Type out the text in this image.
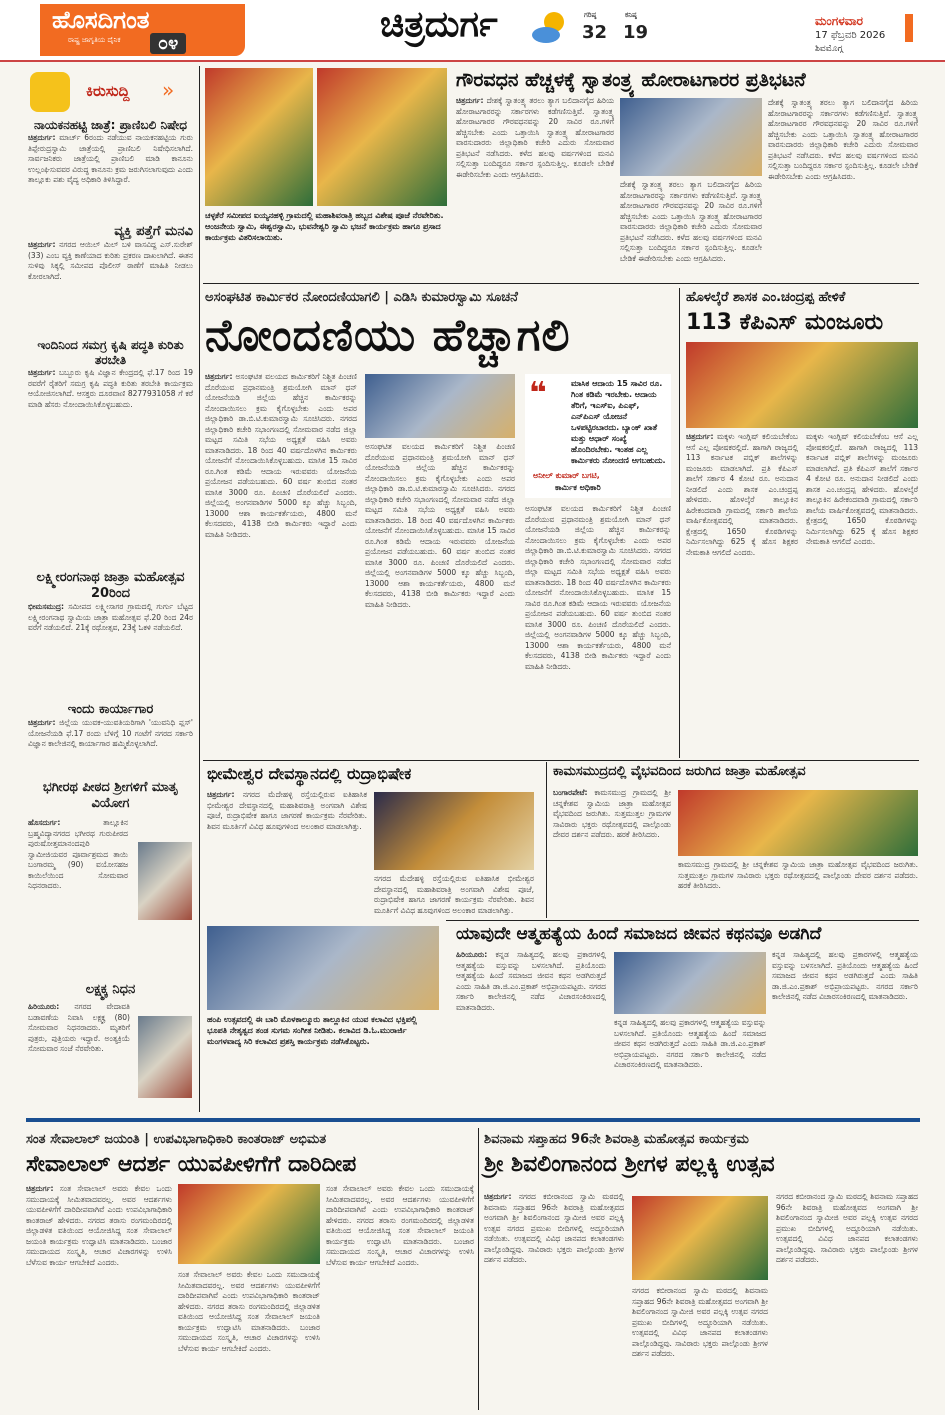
ಹೊಸದಿಗಂತ
ರಾಷ್ಟ್ರ ಜಾಗೃತಿಯ ದೈನಿಕ	೦೪	ಚಿತ್ರದುರ್ಗ	ಗರಿಷ್ಠ
32
ಕನಿಷ್ಠ
19
ಮಂಗಳವಾರ
17 ಫೆಬ್ರವರಿ 2026
ಶಿವಮೊಗ್ಗ
ಕಿರುಸುದ್ದಿ »
ನಾಯಕನಹಟ್ಟಿ ಜಾತ್ರೆ: ಪ್ರಾಣಿಬಲಿ ನಿಷೇಧ
ಚಿತ್ರದುರ್ಗ: ಮಾರ್ಚ್ 6ರಂದು ನಡೆಯುವ ನಾಯಕನಹಟ್ಟಿಯ ಗುರು ತಿಪ್ಪೇರುದ್ರಸ್ವಾಮಿ ಜಾತ್ರೆಯಲ್ಲಿ ಪ್ರಾಣಿಬಲಿ ನಿಷೇಧಿಸಲಾಗಿದೆ. ಸಾರ್ವಜನಿಕರು ಜಾತ್ರೆಯಲ್ಲಿ ಪ್ರಾಣಿಬಲಿ ಮಾಡಿ ಕಾನೂನು ಉಲ್ಲಂಘಿಸುವವರ ವಿರುದ್ಧ ಕಾನೂನು ಕ್ರಮ ಜರುಗಿಸಲಾಗುವುದು ಎಂದು ತಾಲ್ಲೂಕು ಪಶು ವೈದ್ಯ ಅಧಿಕಾರಿ ತಿಳಿಸಿದ್ದಾರೆ.
ವ್ಯಕ್ತಿ ಪತ್ತೆಗೆ ಮನವಿ
ಚಿತ್ರದುರ್ಗ: ನಗರದ ಆಯಿಲ್ ಮಿಲ್ ಬಳಿ ವಾಸವಿದ್ದ ಎಸ್.ಸುರೇಶ್ (33) ಎಂಬ ವ್ಯಕ್ತಿ ಕಾಣೆಯಾದ ಕುರಿತು ಪ್ರಕರಣ ದಾಖಲಾಗಿದೆ. ಈತನ ಸುಳಿವು ಸಿಕ್ಕಲ್ಲಿ ಸಮೀಪದ ಪೊಲೀಸ್ ಠಾಣೆಗೆ ಮಾಹಿತಿ ನೀಡಲು ಕೋರಲಾಗಿದೆ.
ಇಂದಿನಿಂದ ಸಮಗ್ರ ಕೃಷಿ ಪದ್ಧತಿ ಕುರಿತು ತರಬೇತಿ
ಚಿತ್ರದುರ್ಗ: ಬಬ್ಬೂರು ಕೃಷಿ ವಿಜ್ಞಾನ ಕೇಂದ್ರದಲ್ಲಿ ಫೆ.17 ರಿಂದ 19 ರವರೆಗೆ ರೈತರಿಗೆ ಸಮಗ್ರ ಕೃಷಿ ಪದ್ಧತಿ ಕುರಿತು ತರಬೇತಿ ಕಾರ್ಯಕ್ರಮ ಆಯೋಜಿಸಲಾಗಿದೆ. ಆಸಕ್ತರು ದೂರವಾಣಿ 8277931058 ಗೆ ಕರೆ ಮಾಡಿ ಹೆಸರು ನೋಂದಾಯಿಸಿಕೊಳ್ಳಬಹುದು.
ಲಕ್ಷ್ಮೀರಂಗನಾಥ ಜಾತ್ರಾ ಮಹೋತ್ಸವ 20ರಿಂದ
ಭೀಮಸಮುದ್ರ: ಸಮೀಪದ ಲಕ್ಷ್ಮೀಸಾಗರ ಗ್ರಾಮದಲ್ಲಿ ಗುರ್ಗು ಬೆಟ್ಟದ ಲಕ್ಷ್ಮೀರಂಗನಾಥ ಸ್ವಾಮಿಯ ಜಾತ್ರಾ ಮಹೋತ್ಸವ ಫೆ.20 ರಿಂದ 24ರ ವರೆಗೆ ನಡೆಯಲಿದೆ. 21ಕ್ಕೆ ರಥೋತ್ಸವ, 23ಕ್ಕೆ ಓಕಳಿ ನಡೆಯಲಿದೆ.
ಇಂದು ಕಾರ್ಯಾಗಾರ
ಚಿತ್ರದುರ್ಗ: ಜಿಲ್ಲೆಯ ಯುವಕ-ಯುವತಿಯರಿಗಾಗಿ 'ಯುವನಿಧಿ ಪ್ಲಸ್' ಯೋಜನೆಯಡಿ ಫೆ.17 ರಂದು ಬೆಳಿಗ್ಗೆ 10 ಗಂಟೆಗೆ ನಗರದ ಸರ್ಕಾರಿ ವಿಜ್ಞಾನ ಕಾಲೇಜಿನಲ್ಲಿ ಕಾರ್ಯಾಗಾರ ಹಮ್ಮಿಕೊಳ್ಳಲಾಗಿದೆ.
ಭಗೀರಥ ಪೀಠದ ಶ್ರೀಗಳಿಗೆ ಮಾತೃ ವಿಯೋಗ
ಹೊಸದುರ್ಗ:	ತಾಲ್ಲೂಕಿನ ಬ್ರಹ್ಮವಿದ್ಯಾನಗರದ ಭಗೀರಥ ಗುರುಪೀಠದ ಪುರುಷೋತ್ತಮಾನಂದಪುರಿ ಸ್ವಾಮೀಜಿಯವರ ಪೂರ್ವಾಶ್ರಮದ ತಾಯಿ ಬಂಗಾರಮ್ಮ (90) ವಯೋಸಹಜ ಕಾಯಿಲೆಯಿಂದ ಸೋಮವಾರ ನಿಧನರಾದರು.
ಲಕ್ಷ್ಮಕ್ಕ ನಿಧನ
ಹಿರಿಯೂರು: ನಗರದ ವೇದಾವತಿ ಬಡಾವಣೆಯ ನಿವಾಸಿ ಲಕ್ಷ್ಮಕ್ಕ (80) ಸೋಮವಾರ ನಿಧನರಾದರು. ಮೃತರಿಗೆ ಪುತ್ರರು, ಪುತ್ರಿಯರು ಇದ್ದಾರೆ. ಅಂತ್ಯಕ್ರಿಯೆ ಸೋಮವಾರ ಸಂಜೆ ನೆರವೇರಿತು.
ಚಳ್ಳಕೆರೆ ಸಮೀಪದ ಐಯ್ಯನಹಳ್ಳಿ ಗ್ರಾಮದಲ್ಲಿ ಮಹಾಶಿವರಾತ್ರಿ ಹಬ್ಬದ ವಿಶೇಷ ಪೂಜೆ ನೆರವೇರಿತು. ಆಂಜನೇಯ ಸ್ವಾಮಿ, ಈಶ್ವರಸ್ವಾಮಿ, ಭುವನೇಶ್ವರಿ ಸ್ವಾಮಿ ಭಜನೆ ಕಾರ್ಯಕ್ರಮ ಹಾಗೂ ಪ್ರಸಾದ ಕಾರ್ಯಕ್ರಮ ವಿತರಿಸಲಾಯಿತು.
ಗೌರವಧನ ಹೆಚ್ಚಳಕ್ಕೆ ಸ್ವಾತಂತ್ರ್ಯ ಹೋರಾಟಗಾರರ ಪ್ರತಿಭಟನೆ
ಚಿತ್ರದುರ್ಗ: ದೇಶಕ್ಕೆ ಸ್ವಾತಂತ್ರ್ಯ ತರಲು ತ್ಯಾಗ ಬಲಿದಾನಗೈದ ಹಿರಿಯ ಹೋರಾಟಗಾರರನ್ನು ಸರ್ಕಾರಗಳು ಕಡೆಗಣಿಸುತ್ತಿವೆ. ಸ್ವಾತಂತ್ರ್ಯ ಹೋರಾಟಗಾರರ ಗೌರವಧನವನ್ನು 20 ಸಾವಿರ ರೂ.ಗಳಿಗೆ ಹೆಚ್ಚಿಸಬೇಕು ಎಂದು ಒತ್ತಾಯಿಸಿ ಸ್ವಾತಂತ್ರ್ಯ ಹೋರಾಟಗಾರರ ವಾರಸುದಾರರು ಜಿಲ್ಲಾಧಿಕಾರಿ ಕಚೇರಿ ಎದುರು ಸೋಮವಾರ ಪ್ರತಿಭಟನೆ ನಡೆಸಿದರು. ಕಳೆದ ಹಲವು ವರ್ಷಗಳಿಂದ ಮನವಿ ಸಲ್ಲಿಸುತ್ತಾ ಬಂದಿದ್ದರೂ ಸರ್ಕಾರ ಸ್ಪಂದಿಸುತ್ತಿಲ್ಲ. ಕೂಡಲೇ ಬೇಡಿಕೆ ಈಡೇರಿಸಬೇಕು ಎಂದು ಆಗ್ರಹಿಸಿದರು.
ದೇಶಕ್ಕೆ ಸ್ವಾತಂತ್ರ್ಯ ತರಲು ತ್ಯಾಗ ಬಲಿದಾನಗೈದ ಹಿರಿಯ ಹೋರಾಟಗಾರರನ್ನು ಸರ್ಕಾರಗಳು ಕಡೆಗಣಿಸುತ್ತಿವೆ. ಸ್ವಾತಂತ್ರ್ಯ ಹೋರಾಟಗಾರರ ಗೌರವಧನವನ್ನು 20 ಸಾವಿರ ರೂ.ಗಳಿಗೆ ಹೆಚ್ಚಿಸಬೇಕು ಎಂದು ಒತ್ತಾಯಿಸಿ ಸ್ವಾತಂತ್ರ್ಯ ಹೋರಾಟಗಾರರ ವಾರಸುದಾರರು ಜಿಲ್ಲಾಧಿಕಾರಿ ಕಚೇರಿ ಎದುರು ಸೋಮವಾರ ಪ್ರತಿಭಟನೆ ನಡೆಸಿದರು. ಕಳೆದ ಹಲವು ವರ್ಷಗಳಿಂದ ಮನವಿ ಸಲ್ಲಿಸುತ್ತಾ ಬಂದಿದ್ದರೂ ಸರ್ಕಾರ ಸ್ಪಂದಿಸುತ್ತಿಲ್ಲ. ಕೂಡಲೇ ಬೇಡಿಕೆ ಈಡೇರಿಸಬೇಕು ಎಂದು ಆಗ್ರಹಿಸಿದರು.
ದೇಶಕ್ಕೆ ಸ್ವಾತಂತ್ರ್ಯ ತರಲು ತ್ಯಾಗ ಬಲಿದಾನಗೈದ ಹಿರಿಯ ಹೋರಾಟಗಾರರನ್ನು ಸರ್ಕಾರಗಳು ಕಡೆಗಣಿಸುತ್ತಿವೆ. ಸ್ವಾತಂತ್ರ್ಯ ಹೋರಾಟಗಾರರ ಗೌರವಧನವನ್ನು 20 ಸಾವಿರ ರೂ.ಗಳಿಗೆ ಹೆಚ್ಚಿಸಬೇಕು ಎಂದು ಒತ್ತಾಯಿಸಿ ಸ್ವಾತಂತ್ರ್ಯ ಹೋರಾಟಗಾರರ ವಾರಸುದಾರರು ಜಿಲ್ಲಾಧಿಕಾರಿ ಕಚೇರಿ ಎದುರು ಸೋಮವಾರ ಪ್ರತಿಭಟನೆ ನಡೆಸಿದರು. ಕಳೆದ ಹಲವು ವರ್ಷಗಳಿಂದ ಮನವಿ ಸಲ್ಲಿಸುತ್ತಾ ಬಂದಿದ್ದರೂ ಸರ್ಕಾರ ಸ್ಪಂದಿಸುತ್ತಿಲ್ಲ. ಕೂಡಲೇ ಬೇಡಿಕೆ ಈಡೇರಿಸಬೇಕು ಎಂದು ಆಗ್ರಹಿಸಿದರು.
ಅಸಂಘಟಿತ ಕಾರ್ಮಿಕರ ನೋಂದಣಿಯಾಗಲಿ | ಎಡಿಸಿ ಕುಮಾರಸ್ವಾಮಿ ಸೂಚನೆ
ನೋಂದಣಿಯು ಹೆಚ್ಚಾಗಲಿ
ಚಿತ್ರದುರ್ಗ: ಅಸಂಘಟಿತ ವಲಯದ ಕಾರ್ಮಿಕರಿಗೆ ನಿಶ್ಚಿತ ಪಿಂಚಣಿ ದೊರೆಯುವ ಪ್ರಧಾನಮಂತ್ರಿ ಶ್ರಮಯೋಗಿ ಮಾನ್ ಧನ್ ಯೋಜನೆಯಡಿ ಜಿಲ್ಲೆಯ ಹೆಚ್ಚಿನ ಕಾರ್ಮಿಕರನ್ನು ನೋಂದಾಯಿಸಲು ಕ್ರಮ ಕೈಗೊಳ್ಳಬೇಕು ಎಂದು ಅಪರ ಜಿಲ್ಲಾಧಿಕಾರಿ ಡಾ.ಬಿ.ಟಿ.ಕುಮಾರಸ್ವಾಮಿ ಸೂಚಿಸಿದರು. ನಗರದ ಜಿಲ್ಲಾಧಿಕಾರಿ ಕಚೇರಿ ಸಭಾಂಗಣದಲ್ಲಿ ಸೋಮವಾರ ನಡೆದ ಜಿಲ್ಲಾ ಮಟ್ಟದ ಸಮಿತಿ ಸಭೆಯ ಅಧ್ಯಕ್ಷತೆ ವಹಿಸಿ ಅವರು ಮಾತನಾಡಿದರು. 18 ರಿಂದ 40 ವರ್ಷದೊಳಗಿನ ಕಾರ್ಮಿಕರು ಯೋಜನೆಗೆ ನೋಂದಾಯಿಸಿಕೊಳ್ಳಬಹುದು. ಮಾಸಿಕ 15 ಸಾವಿರ ರೂ.ಗಿಂತ ಕಡಿಮೆ ಆದಾಯ ಇರುವವರು ಯೋಜನೆಯ ಪ್ರಯೋಜನ ಪಡೆಯಬಹುದು. 60 ವರ್ಷ ತುಂಬಿದ ನಂತರ ಮಾಸಿಕ 3000 ರೂ. ಪಿಂಚಣಿ ದೊರೆಯಲಿದೆ ಎಂದರು. ಜಿಲ್ಲೆಯಲ್ಲಿ ಅಂಗನವಾಡಿಗಳ 5000 ಕ್ಕೂ ಹೆಚ್ಚು ಸಿಬ್ಬಂದಿ, 13000 ಆಶಾ ಕಾರ್ಯಕರ್ತೆಯರು, 4800 ಮನೆ ಕೆಲಸದವರು, 4138 ಬೀಡಿ ಕಾರ್ಮಿಕರು ಇದ್ದಾರೆ ಎಂದು ಮಾಹಿತಿ ನೀಡಿದರು.
ಅಸಂಘಟಿತ ವಲಯದ ಕಾರ್ಮಿಕರಿಗೆ ನಿಶ್ಚಿತ ಪಿಂಚಣಿ ದೊರೆಯುವ ಪ್ರಧಾನಮಂತ್ರಿ ಶ್ರಮಯೋಗಿ ಮಾನ್ ಧನ್ ಯೋಜನೆಯಡಿ ಜಿಲ್ಲೆಯ ಹೆಚ್ಚಿನ ಕಾರ್ಮಿಕರನ್ನು ನೋಂದಾಯಿಸಲು ಕ್ರಮ ಕೈಗೊಳ್ಳಬೇಕು ಎಂದು ಅಪರ ಜಿಲ್ಲಾಧಿಕಾರಿ ಡಾ.ಬಿ.ಟಿ.ಕುಮಾರಸ್ವಾಮಿ ಸೂಚಿಸಿದರು. ನಗರದ ಜಿಲ್ಲಾಧಿಕಾರಿ ಕಚೇರಿ ಸಭಾಂಗಣದಲ್ಲಿ ಸೋಮವಾರ ನಡೆದ ಜಿಲ್ಲಾ ಮಟ್ಟದ ಸಮಿತಿ ಸಭೆಯ ಅಧ್ಯಕ್ಷತೆ ವಹಿಸಿ ಅವರು ಮಾತನಾಡಿದರು. 18 ರಿಂದ 40 ವರ್ಷದೊಳಗಿನ ಕಾರ್ಮಿಕರು ಯೋಜನೆಗೆ ನೋಂದಾಯಿಸಿಕೊಳ್ಳಬಹುದು. ಮಾಸಿಕ 15 ಸಾವಿರ ರೂ.ಗಿಂತ ಕಡಿಮೆ ಆದಾಯ ಇರುವವರು ಯೋಜನೆಯ ಪ್ರಯೋಜನ ಪಡೆಯಬಹುದು. 60 ವರ್ಷ ತುಂಬಿದ ನಂತರ ಮಾಸಿಕ 3000 ರೂ. ಪಿಂಚಣಿ ದೊರೆಯಲಿದೆ ಎಂದರು. ಜಿಲ್ಲೆಯಲ್ಲಿ ಅಂಗನವಾಡಿಗಳ 5000 ಕ್ಕೂ ಹೆಚ್ಚು ಸಿಬ್ಬಂದಿ, 13000 ಆಶಾ ಕಾರ್ಯಕರ್ತೆಯರು, 4800 ಮನೆ ಕೆಲಸದವರು, 4138 ಬೀಡಿ ಕಾರ್ಮಿಕರು ಇದ್ದಾರೆ ಎಂದು ಮಾಹಿತಿ ನೀಡಿದರು.
❝	ಮಾಸಿಕ ಆದಾಯ 15 ಸಾವಿರ ರೂ. ಗಿಂತ ಕಡಿಮೆ ಇರಬೇಕು. ಆದಾಯ ತೆರಿಗೆ, ಇಎಸ್ಐ, ಪಿಎಫ್, ಎನ್‌ಪಿಎಸ್ ಯೋಜನೆ ಒಳಪಟ್ಟಿರಬಾರದು. ಬ್ಯಾಂಕ್ ಖಾತೆ ಮತ್ತು ಆಧಾರ್ ಸಂಖ್ಯೆ ಹೊಂದಿರಬೇಕು. ಇಂತಹ ಎಲ್ಲ ಕಾರ್ಮಿಕರು ನೋಂದಣಿ ಆಗಬಹುದು.
ಅನೀಲ್ ಕುಮಾರ್ ಬಗಟಿ,
ಕಾರ್ಮಿಕ ಅಧಿಕಾರಿ
ಅಸಂಘಟಿತ ವಲಯದ ಕಾರ್ಮಿಕರಿಗೆ ನಿಶ್ಚಿತ ಪಿಂಚಣಿ ದೊರೆಯುವ ಪ್ರಧಾನಮಂತ್ರಿ ಶ್ರಮಯೋಗಿ ಮಾನ್ ಧನ್ ಯೋಜನೆಯಡಿ ಜಿಲ್ಲೆಯ ಹೆಚ್ಚಿನ ಕಾರ್ಮಿಕರನ್ನು ನೋಂದಾಯಿಸಲು ಕ್ರಮ ಕೈಗೊಳ್ಳಬೇಕು ಎಂದು ಅಪರ ಜಿಲ್ಲಾಧಿಕಾರಿ ಡಾ.ಬಿ.ಟಿ.ಕುಮಾರಸ್ವಾಮಿ ಸೂಚಿಸಿದರು. ನಗರದ ಜಿಲ್ಲಾಧಿಕಾರಿ ಕಚೇರಿ ಸಭಾಂಗಣದಲ್ಲಿ ಸೋಮವಾರ ನಡೆದ ಜಿಲ್ಲಾ ಮಟ್ಟದ ಸಮಿತಿ ಸಭೆಯ ಅಧ್ಯಕ್ಷತೆ ವಹಿಸಿ ಅವರು ಮಾತನಾಡಿದರು. 18 ರಿಂದ 40 ವರ್ಷದೊಳಗಿನ ಕಾರ್ಮಿಕರು ಯೋಜನೆಗೆ ನೋಂದಾಯಿಸಿಕೊಳ್ಳಬಹುದು. ಮಾಸಿಕ 15 ಸಾವಿರ ರೂ.ಗಿಂತ ಕಡಿಮೆ ಆದಾಯ ಇರುವವರು ಯೋಜನೆಯ ಪ್ರಯೋಜನ ಪಡೆಯಬಹುದು. 60 ವರ್ಷ ತುಂಬಿದ ನಂತರ ಮಾಸಿಕ 3000 ರೂ. ಪಿಂಚಣಿ ದೊರೆಯಲಿದೆ ಎಂದರು. ಜಿಲ್ಲೆಯಲ್ಲಿ ಅಂಗನವಾಡಿಗಳ 5000 ಕ್ಕೂ ಹೆಚ್ಚು ಸಿಬ್ಬಂದಿ, 13000 ಆಶಾ ಕಾರ್ಯಕರ್ತೆಯರು, 4800 ಮನೆ ಕೆಲಸದವರು, 4138 ಬೀಡಿ ಕಾರ್ಮಿಕರು ಇದ್ದಾರೆ ಎಂದು ಮಾಹಿತಿ ನೀಡಿದರು.
ಹೊಳಲ್ಕೆರೆ ಶಾಸಕ ಎಂ.ಚಂದ್ರಪ್ಪ ಹೇಳಿಕೆ
113 ಕೆಪಿಎಸ್ ಮಂಜೂರು
ಚಿತ್ರದುರ್ಗ: ಮಕ್ಕಳು ಇಂಗ್ಲಿಷ್ ಕಲಿಯಬೇಕೆಂಬ ಆಸೆ ಎಲ್ಲ ಪೋಷಕರಲ್ಲಿದೆ. ಹಾಗಾಗಿ ರಾಜ್ಯದಲ್ಲಿ 113 ಕರ್ನಾಟಕ ಪಬ್ಲಿಕ್ ಶಾಲೆಗಳನ್ನು ಮಂಜೂರು ಮಾಡಲಾಗಿದೆ. ಪ್ರತಿ ಕೆಪಿಎಸ್ ಶಾಲೆಗೆ ಸರ್ಕಾರ 4 ಕೋಟಿ ರೂ. ಅನುದಾನ ನೀಡಲಿದೆ ಎಂದು ಶಾಸಕ ಎಂ.ಚಂದ್ರಪ್ಪ ಹೇಳಿದರು. ಹೊಳಲ್ಕೆರೆ ತಾಲ್ಲೂಕಿನ ಹಿರೇಕಂದವಾಡಿ ಗ್ರಾಮದಲ್ಲಿ ಸರ್ಕಾರಿ ಶಾಲೆಯ ವಾರ್ಷಿಕೋತ್ಸವದಲ್ಲಿ ಮಾತನಾಡಿದರು. ಕ್ಷೇತ್ರದಲ್ಲಿ 1650 ಕೊಠಡಿಗಳನ್ನು ನಿರ್ಮಿಸಲಾಗಿದ್ದು 625 ಕ್ಕೆ ಹೊಸ ಶಿಕ್ಷಕರ ನೇಮಕಾತಿ ಆಗಲಿದೆ ಎಂದರು.
ಮಕ್ಕಳು ಇಂಗ್ಲಿಷ್ ಕಲಿಯಬೇಕೆಂಬ ಆಸೆ ಎಲ್ಲ ಪೋಷಕರಲ್ಲಿದೆ. ಹಾಗಾಗಿ ರಾಜ್ಯದಲ್ಲಿ 113 ಕರ್ನಾಟಕ ಪಬ್ಲಿಕ್ ಶಾಲೆಗಳನ್ನು ಮಂಜೂರು ಮಾಡಲಾಗಿದೆ. ಪ್ರತಿ ಕೆಪಿಎಸ್ ಶಾಲೆಗೆ ಸರ್ಕಾರ 4 ಕೋಟಿ ರೂ. ಅನುದಾನ ನೀಡಲಿದೆ ಎಂದು ಶಾಸಕ ಎಂ.ಚಂದ್ರಪ್ಪ ಹೇಳಿದರು. ಹೊಳಲ್ಕೆರೆ ತಾಲ್ಲೂಕಿನ ಹಿರೇಕಂದವಾಡಿ ಗ್ರಾಮದಲ್ಲಿ ಸರ್ಕಾರಿ ಶಾಲೆಯ ವಾರ್ಷಿಕೋತ್ಸವದಲ್ಲಿ ಮಾತನಾಡಿದರು. ಕ್ಷೇತ್ರದಲ್ಲಿ 1650 ಕೊಠಡಿಗಳನ್ನು ನಿರ್ಮಿಸಲಾಗಿದ್ದು 625 ಕ್ಕೆ ಹೊಸ ಶಿಕ್ಷಕರ ನೇಮಕಾತಿ ಆಗಲಿದೆ ಎಂದರು.
ಭೀಮೇಶ್ವರ ದೇವಸ್ಥಾನದಲ್ಲಿ ರುದ್ರಾಭಿಷೇಕ
ಚಿತ್ರದುರ್ಗ: ನಗರದ ಮೆದೇಹಳ್ಳಿ ರಸ್ತೆಯಲ್ಲಿರುವ ಐತಿಹಾಸಿಕ ಭೀಮೇಶ್ವರ ದೇವಸ್ಥಾನದಲ್ಲಿ ಮಹಾಶಿವರಾತ್ರಿ ಅಂಗವಾಗಿ ವಿಶೇಷ ಪೂಜೆ, ರುದ್ರಾಭಿಷೇಕ ಹಾಗೂ ಜಾಗರಣೆ ಕಾರ್ಯಕ್ರಮ ನೆರವೇರಿತು. ಶಿವನ ಮೂರ್ತಿಗೆ ವಿವಿಧ ಹೂವುಗಳಿಂದ ಅಲಂಕಾರ ಮಾಡಲಾಗಿತ್ತು.
ನಗರದ ಮೆದೇಹಳ್ಳಿ ರಸ್ತೆಯಲ್ಲಿರುವ ಐತಿಹಾಸಿಕ ಭೀಮೇಶ್ವರ ದೇವಸ್ಥಾನದಲ್ಲಿ ಮಹಾಶಿವರಾತ್ರಿ ಅಂಗವಾಗಿ ವಿಶೇಷ ಪೂಜೆ, ರುದ್ರಾಭಿಷೇಕ ಹಾಗೂ ಜಾಗರಣೆ ಕಾರ್ಯಕ್ರಮ ನೆರವೇರಿತು. ಶಿವನ ಮೂರ್ತಿಗೆ ವಿವಿಧ ಹೂವುಗಳಿಂದ ಅಲಂಕಾರ ಮಾಡಲಾಗಿತ್ತು.
ಹಂಪಿ ಉತ್ಸವದಲ್ಲಿ ಈ ಬಾರಿ ಮೊಳಕಾಲ್ಮೂರು ತಾಲ್ಲೂಕಿನ ಯುವ ಕಲಾವಿದ ಭಕ್ತಿಪಲ್ಲಿ ಭೂಪತಿ ನೇತೃತ್ವದ ತಂಡ ಸುಗಮ ಸಂಗೀತ ನೀಡಿತು. ಕಲಾವಿದ ಡಿ.ಓ.ಮುರಾರ್ಜಿ ಮಂಗಳವಾದ್ಯ ಸಿರಿ ಕಲಾವಿದ ಪ್ರಶಸ್ತಿ ಕಾರ್ಯಕ್ರಮ ನಡೆಸಿಕೊಟ್ಟರು.
ಕಾಮಸಮುದ್ರದಲ್ಲಿ ವೈಭವದಿಂದ ಜರುಗಿದ ಜಾತ್ರಾ ಮಹೋತ್ಸವ
ಬಂಗಾರಪೇಟೆ: ಕಾಮಸಮುದ್ರ ಗ್ರಾಮದಲ್ಲಿ ಶ್ರೀ ಚನ್ನಕೇಶವ ಸ್ವಾಮಿಯ ಜಾತ್ರಾ ಮಹೋತ್ಸವ ವೈಭವದಿಂದ ಜರುಗಿತು. ಸುತ್ತಮುತ್ತಲ ಗ್ರಾಮಗಳ ಸಾವಿರಾರು ಭಕ್ತರು ರಥೋತ್ಸವದಲ್ಲಿ ಪಾಲ್ಗೊಂಡು ದೇವರ ದರ್ಶನ ಪಡೆದರು. ಹರಕೆ ತೀರಿಸಿದರು.
ಕಾಮಸಮುದ್ರ ಗ್ರಾಮದಲ್ಲಿ ಶ್ರೀ ಚನ್ನಕೇಶವ ಸ್ವಾಮಿಯ ಜಾತ್ರಾ ಮಹೋತ್ಸವ ವೈಭವದಿಂದ ಜರುಗಿತು. ಸುತ್ತಮುತ್ತಲ ಗ್ರಾಮಗಳ ಸಾವಿರಾರು ಭಕ್ತರು ರಥೋತ್ಸವದಲ್ಲಿ ಪಾಲ್ಗೊಂಡು ದೇವರ ದರ್ಶನ ಪಡೆದರು. ಹರಕೆ ತೀರಿಸಿದರು.
ಯಾವುದೇ ಆತ್ಮಹತ್ಯೆಯ ಹಿಂದೆ ಸಮಾಜದ ಜೀವನ ಕಥನವೂ ಅಡಗಿದೆ
ಹಿರಿಯೂರು: ಕನ್ನಡ ಸಾಹಿತ್ಯದಲ್ಲಿ ಹಲವು ಪ್ರಕಾರಗಳಲ್ಲಿ ಆತ್ಮಹತ್ಯೆಯ ವಸ್ತುವನ್ನು ಬಳಸಲಾಗಿದೆ. ಪ್ರತಿಯೊಂದು ಆತ್ಮಹತ್ಯೆಯ ಹಿಂದೆ ಸಮಾಜದ ಜೀವನ ಕಥನ ಅಡಗಿರುತ್ತದೆ ಎಂದು ಸಾಹಿತಿ ಡಾ.ಜಿ.ಎಂ.ಪ್ರಕಾಶ್ ಅಭಿಪ್ರಾಯಪಟ್ಟರು. ನಗರದ ಸರ್ಕಾರಿ ಕಾಲೇಜಿನಲ್ಲಿ ನಡೆದ ವಿಚಾರಸಂಕಿರಣದಲ್ಲಿ ಮಾತನಾಡಿದರು.
ಕನ್ನಡ ಸಾಹಿತ್ಯದಲ್ಲಿ ಹಲವು ಪ್ರಕಾರಗಳಲ್ಲಿ ಆತ್ಮಹತ್ಯೆಯ ವಸ್ತುವನ್ನು ಬಳಸಲಾಗಿದೆ. ಪ್ರತಿಯೊಂದು ಆತ್ಮಹತ್ಯೆಯ ಹಿಂದೆ ಸಮಾಜದ ಜೀವನ ಕಥನ ಅಡಗಿರುತ್ತದೆ ಎಂದು ಸಾಹಿತಿ ಡಾ.ಜಿ.ಎಂ.ಪ್ರಕಾಶ್ ಅಭಿಪ್ರಾಯಪಟ್ಟರು. ನಗರದ ಸರ್ಕಾರಿ ಕಾಲೇಜಿನಲ್ಲಿ ನಡೆದ ವಿಚಾರಸಂಕಿರಣದಲ್ಲಿ ಮಾತನಾಡಿದರು.
ಕನ್ನಡ ಸಾಹಿತ್ಯದಲ್ಲಿ ಹಲವು ಪ್ರಕಾರಗಳಲ್ಲಿ ಆತ್ಮಹತ್ಯೆಯ ವಸ್ತುವನ್ನು ಬಳಸಲಾಗಿದೆ. ಪ್ರತಿಯೊಂದು ಆತ್ಮಹತ್ಯೆಯ ಹಿಂದೆ ಸಮಾಜದ ಜೀವನ ಕಥನ ಅಡಗಿರುತ್ತದೆ ಎಂದು ಸಾಹಿತಿ ಡಾ.ಜಿ.ಎಂ.ಪ್ರಕಾಶ್ ಅಭಿಪ್ರಾಯಪಟ್ಟರು. ನಗರದ ಸರ್ಕಾರಿ ಕಾಲೇಜಿನಲ್ಲಿ ನಡೆದ ವಿಚಾರಸಂಕಿರಣದಲ್ಲಿ ಮಾತನಾಡಿದರು.
ಸಂತ ಸೇವಾಲಾಲ್ ಜಯಂತಿ | ಉಪವಿಭಾಗಾಧಿಕಾರಿ ಕಾಂತರಾಜ್ ಅಭಿಮತ
ಸೇವಾಲಾಲ್ ಆದರ್ಶ ಯುವಪೀಳಿಗೆಗೆ ದಾರಿದೀಪ
ಚಿತ್ರದುರ್ಗ: ಸಂತ ಸೇವಾಲಾಲ್ ಅವರು ಕೇವಲ ಒಂದು ಸಮುದಾಯಕ್ಕೆ ಸೀಮಿತವಾದವರಲ್ಲ. ಅವರ ಆದರ್ಶಗಳು ಯುವಪೀಳಿಗೆಗೆ ದಾರಿದೀಪವಾಗಿವೆ ಎಂದು ಉಪವಿಭಾಗಾಧಿಕಾರಿ ಕಾಂತರಾಜ್ ಹೇಳಿದರು. ನಗರದ ತರಾಸು ರಂಗಮಂದಿರದಲ್ಲಿ ಜಿಲ್ಲಾಡಳಿತ ವತಿಯಿಂದ ಆಯೋಜಿಸಿದ್ದ ಸಂತ ಸೇವಾಲಾಲ್ ಜಯಂತಿ ಕಾರ್ಯಕ್ರಮ ಉದ್ಘಾಟಿಸಿ ಮಾತನಾಡಿದರು. ಬಂಜಾರ ಸಮುದಾಯದ ಸಂಸ್ಕೃತಿ, ಆಚಾರ ವಿಚಾರಗಳನ್ನು ಉಳಿಸಿ ಬೆಳೆಸುವ ಕಾರ್ಯ ಆಗಬೇಕಿದೆ ಎಂದರು.
ಸಂತ ಸೇವಾಲಾಲ್ ಅವರು ಕೇವಲ ಒಂದು ಸಮುದಾಯಕ್ಕೆ ಸೀಮಿತವಾದವರಲ್ಲ. ಅವರ ಆದರ್ಶಗಳು ಯುವಪೀಳಿಗೆಗೆ ದಾರಿದೀಪವಾಗಿವೆ ಎಂದು ಉಪವಿಭಾಗಾಧಿಕಾರಿ ಕಾಂತರಾಜ್ ಹೇಳಿದರು. ನಗರದ ತರಾಸು ರಂಗಮಂದಿರದಲ್ಲಿ ಜಿಲ್ಲಾಡಳಿತ ವತಿಯಿಂದ ಆಯೋಜಿಸಿದ್ದ ಸಂತ ಸೇವಾಲಾಲ್ ಜಯಂತಿ ಕಾರ್ಯಕ್ರಮ ಉದ್ಘಾಟಿಸಿ ಮಾತನಾಡಿದರು. ಬಂಜಾರ ಸಮುದಾಯದ ಸಂಸ್ಕೃತಿ, ಆಚಾರ ವಿಚಾರಗಳನ್ನು ಉಳಿಸಿ ಬೆಳೆಸುವ ಕಾರ್ಯ ಆಗಬೇಕಿದೆ ಎಂದರು.
ಸಂತ ಸೇವಾಲಾಲ್ ಅವರು ಕೇವಲ ಒಂದು ಸಮುದಾಯಕ್ಕೆ ಸೀಮಿತವಾದವರಲ್ಲ. ಅವರ ಆದರ್ಶಗಳು ಯುವಪೀಳಿಗೆಗೆ ದಾರಿದೀಪವಾಗಿವೆ ಎಂದು ಉಪವಿಭಾಗಾಧಿಕಾರಿ ಕಾಂತರಾಜ್ ಹೇಳಿದರು. ನಗರದ ತರಾಸು ರಂಗಮಂದಿರದಲ್ಲಿ ಜಿಲ್ಲಾಡಳಿತ ವತಿಯಿಂದ ಆಯೋಜಿಸಿದ್ದ ಸಂತ ಸೇವಾಲಾಲ್ ಜಯಂತಿ ಕಾರ್ಯಕ್ರಮ ಉದ್ಘಾಟಿಸಿ ಮಾತನಾಡಿದರು. ಬಂಜಾರ ಸಮುದಾಯದ ಸಂಸ್ಕೃತಿ, ಆಚಾರ ವಿಚಾರಗಳನ್ನು ಉಳಿಸಿ ಬೆಳೆಸುವ ಕಾರ್ಯ ಆಗಬೇಕಿದೆ ಎಂದರು.
ಶಿವನಾಮ ಸಪ್ತಾಹದ 96ನೇ ಶಿವರಾತ್ರಿ ಮಹೋತ್ಸವ ಕಾರ್ಯಕ್ರಮ
ಶ್ರೀ ಶಿವಲಿಂಗಾನಂದ ಶ್ರೀಗಳ ಪಲ್ಲಕ್ಕಿ ಉತ್ಸವ
ಚಿತ್ರದುರ್ಗ: ನಗರದ ಕಬೀರಾನಂದ ಸ್ವಾಮಿ ಮಠದಲ್ಲಿ ಶಿವನಾಮ ಸಪ್ತಾಹದ 96ನೇ ಶಿವರಾತ್ರಿ ಮಹೋತ್ಸವದ ಅಂಗವಾಗಿ ಶ್ರೀ ಶಿವಲಿಂಗಾನಂದ ಸ್ವಾಮೀಜಿ ಅವರ ಪಲ್ಲಕ್ಕಿ ಉತ್ಸವ ನಗರದ ಪ್ರಮುಖ ಬೀದಿಗಳಲ್ಲಿ ಅದ್ಧೂರಿಯಾಗಿ ನಡೆಯಿತು. ಉತ್ಸವದಲ್ಲಿ ವಿವಿಧ ಜಾನಪದ ಕಲಾತಂಡಗಳು ಪಾಲ್ಗೊಂಡಿದ್ದವು. ಸಾವಿರಾರು ಭಕ್ತರು ಪಾಲ್ಗೊಂಡು ಶ್ರೀಗಳ ದರ್ಶನ ಪಡೆದರು.
ನಗರದ ಕಬೀರಾನಂದ ಸ್ವಾಮಿ ಮಠದಲ್ಲಿ ಶಿವನಾಮ ಸಪ್ತಾಹದ 96ನೇ ಶಿವರಾತ್ರಿ ಮಹೋತ್ಸವದ ಅಂಗವಾಗಿ ಶ್ರೀ ಶಿವಲಿಂಗಾನಂದ ಸ್ವಾಮೀಜಿ ಅವರ ಪಲ್ಲಕ್ಕಿ ಉತ್ಸವ ನಗರದ ಪ್ರಮುಖ ಬೀದಿಗಳಲ್ಲಿ ಅದ್ಧೂರಿಯಾಗಿ ನಡೆಯಿತು. ಉತ್ಸವದಲ್ಲಿ ವಿವಿಧ ಜಾನಪದ ಕಲಾತಂಡಗಳು ಪಾಲ್ಗೊಂಡಿದ್ದವು. ಸಾವಿರಾರು ಭಕ್ತರು ಪಾಲ್ಗೊಂಡು ಶ್ರೀಗಳ ದರ್ಶನ ಪಡೆದರು.
ನಗರದ ಕಬೀರಾನಂದ ಸ್ವಾಮಿ ಮಠದಲ್ಲಿ ಶಿವನಾಮ ಸಪ್ತಾಹದ 96ನೇ ಶಿವರಾತ್ರಿ ಮಹೋತ್ಸವದ ಅಂಗವಾಗಿ ಶ್ರೀ ಶಿವಲಿಂಗಾನಂದ ಸ್ವಾಮೀಜಿ ಅವರ ಪಲ್ಲಕ್ಕಿ ಉತ್ಸವ ನಗರದ ಪ್ರಮುಖ ಬೀದಿಗಳಲ್ಲಿ ಅದ್ಧೂರಿಯಾಗಿ ನಡೆಯಿತು. ಉತ್ಸವದಲ್ಲಿ ವಿವಿಧ ಜಾನಪದ ಕಲಾತಂಡಗಳು ಪಾಲ್ಗೊಂಡಿದ್ದವು. ಸಾವಿರಾರು ಭಕ್ತರು ಪಾಲ್ಗೊಂಡು ಶ್ರೀಗಳ ದರ್ಶನ ಪಡೆದರು.
